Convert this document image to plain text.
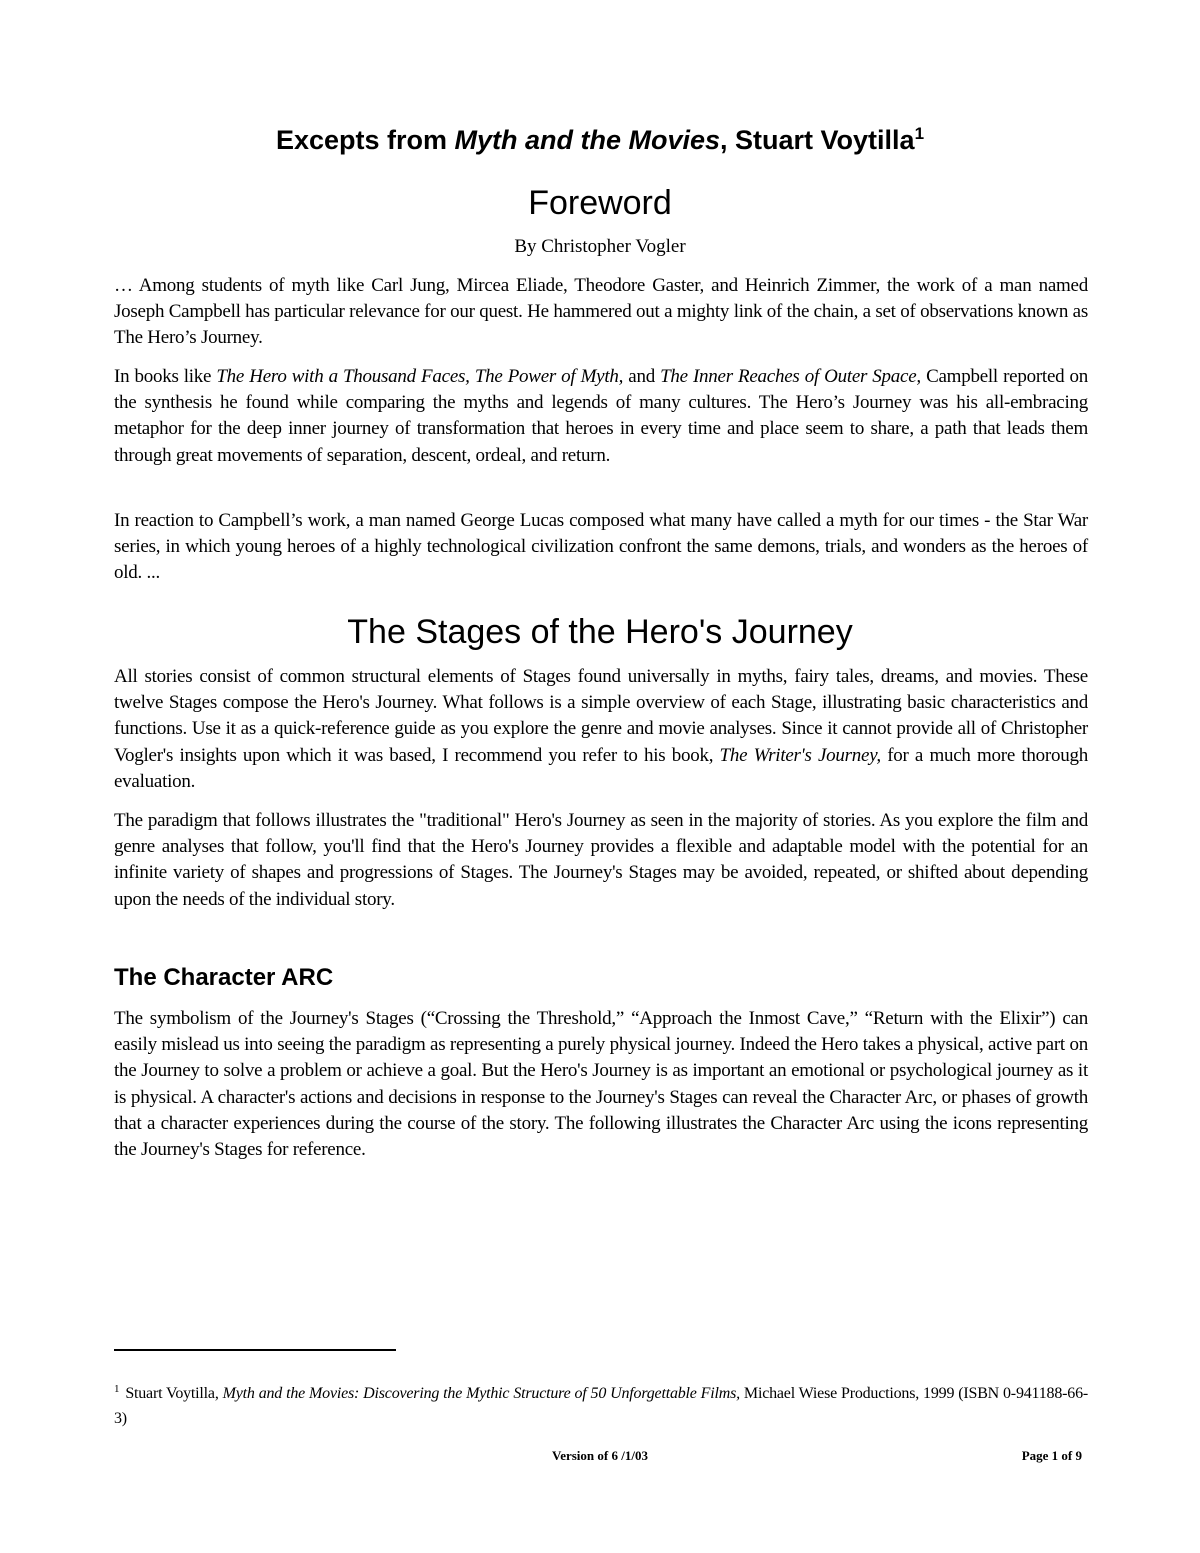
Excepts from Myth and the Movies, Stuart Voytilla$^1$
Foreword

By Christopher Vogler

… Among students of myth like Carl Jung, Mircea Eliade, Theodore Gaster, and Heinrich Zimmer, the work of a man named Joseph Campbell has particular relevance for our quest. He hammered out a mighty link of the chain, a set of observations known as The Hero’s Journey.

In books like The Hero with a Thousand Faces, The Power of Myth, and The Inner Reaches of Outer Space, Campbell reported on the synthesis he found while comparing the myths and legends of many cultures. The Hero’s Journey was his all-embracing metaphor for the deep inner journey of transformation that heroes in every time and place seem to share, a path that leads them through great movements of separation, descent, ordeal, and return.

In reaction to Campbell’s work, a man named George Lucas composed what many have called a myth for our times - the Star War series, in which young heroes of a highly technological civilization confront the same demons, trials, and wonders as the heroes of old. ...

The Stages of the Hero's Journey

All stories consist of common structural elements of Stages found universally in myths, fairy tales, dreams, and movies. These twelve Stages compose the Hero's Journey. What follows is a simple overview of each Stage, illustrating basic characteristics and functions. Use it as a quick-reference guide as you explore the genre and movie analyses. Since it cannot provide all of Christopher Vogler's insights upon which it was based, I recommend you refer to his book, The Writer's Journey, for a much more thorough evaluation.

The paradigm that follows illustrates the "traditional" Hero's Journey as seen in the majority of stories. As you explore the film and genre analyses that follow, you'll find that the Hero's Journey provides a flexible and adaptable model with the potential for an infinite variety of shapes and progressions of Stages. The Journey's Stages may be avoided, repeated, or shifted about depending upon the needs of the individual story.

The Character ARC

The symbolism of the Journey's Stages (“Crossing the Threshold,” “Approach the Inmost Cave,” “Return with the Elixir”) can easily mislead us into seeing the paradigm as representing a purely physical journey. Indeed the Hero takes a physical, active part on the Journey to solve a problem or achieve a goal. But the Hero's Journey is as important an emotional or psychological journey as it is physical. A character's actions and decisions in response to the Journey's Stages can reveal the Character Arc, or phases of growth that a character experiences during the course of the story. The following illustrates the Character Arc using the icons representing the Journey's Stages for reference.

$^1$ Stuart Voytilla, Myth and the Movies: Discovering the Mythic Structure of 50 Unforgettable Films, Michael Wiese Productions, 1999 (ISBN 0-941188-66-3)

Version of 6 /1/03	Page 1 of 9
